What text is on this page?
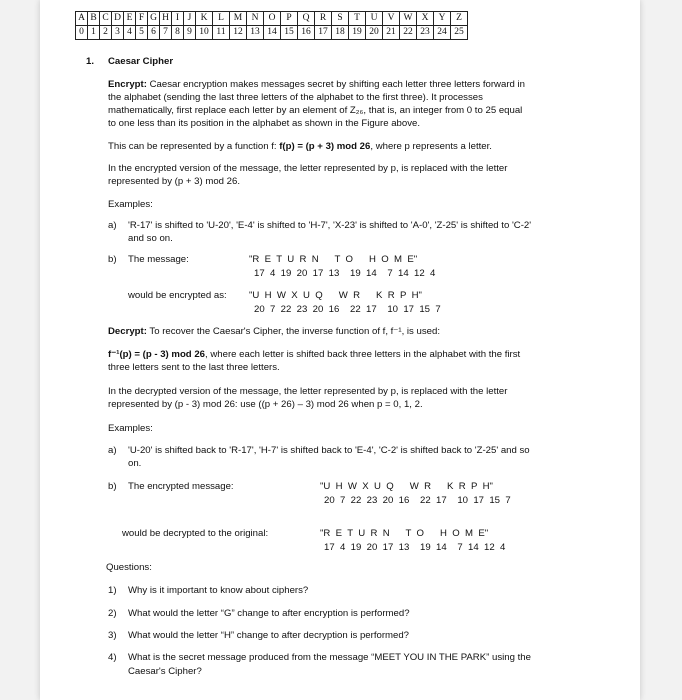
A	B	C	D	E	F	G	H	I	J	K	L	M	N	O	P	Q	R	S	T	U	V	W	X	Y	Z
0	1	2	3	4	5	6	7	8	9	10	11	12	13	14	15	16	17	18	19	20	21	22	23	24	25
1. Caesar Cipher
Encrypt: Caesar encryption makes messages secret by shifting each letter three letters forward in
the alphabet (sending the last three letters of the alphabet to the first three). It processes
mathematically, first replace each letter by an element of Z₂₆, that is, an integer from 0 to 25 equal
to one less than its position in the alphabet as shown in the Figure above.
This can be represented by a function f: f(p) = (p + 3) mod 26, where p represents a letter.
In the encrypted version of the message, the letter represented by p, is replaced with the letter
represented by (p + 3) mod 26.
Examples:
a) 'R-17' is shifted to 'U-20', 'E-4' is shifted to 'H-7', 'X-23' is shifted to 'A-0', 'Z-25' is shifted to 'C-2'
and so on.
b) The message:	"R  E  T  U  R  N      T  O      H  O  M  E"
17  4  19  20  17  13    19  14    7  14  12  4
would be encrypted as: "U  H  W  X  U  Q      W  R      K  R  P  H"
20  7  22  23  20  16    22  17    10  17  15  7
Decrypt: To recover the Caesar's Cipher, the inverse function of f, f⁻¹, is used:
f⁻¹(p) = (p - 3) mod 26, where each letter is shifted back three letters in the alphabet with the first
three letters sent to the last three letters.
In the decrypted version of the message, the letter represented by p, is replaced with the letter
represented by (p - 3) mod 26: use ((p + 26) – 3) mod 26 when p = 0, 1, 2.
Examples:
a) 'U-20' is shifted back to 'R-17', 'H-7' is shifted back to 'E-4', 'C-2' is shifted back to 'Z-25' and so
on.
b) The encrypted message:	"U  H  W  X  U  Q      W  R      K  R  P  H"
20  7  22  23  20  16    22  17    10  17  15  7
would be decrypted to the original:	"R  E  T  U  R  N      T  O      H  O  M  E"
17  4  19  20  17  13    19  14    7  14  12  4
Questions:
1) Why is it important to know about ciphers?
2) What would the letter “G” change to after encryption is performed?
3) What would the letter “H” change to after decryption is performed?
4) What is the secret message produced from the message “MEET YOU IN THE PARK” using the
Caesar's Cipher?
